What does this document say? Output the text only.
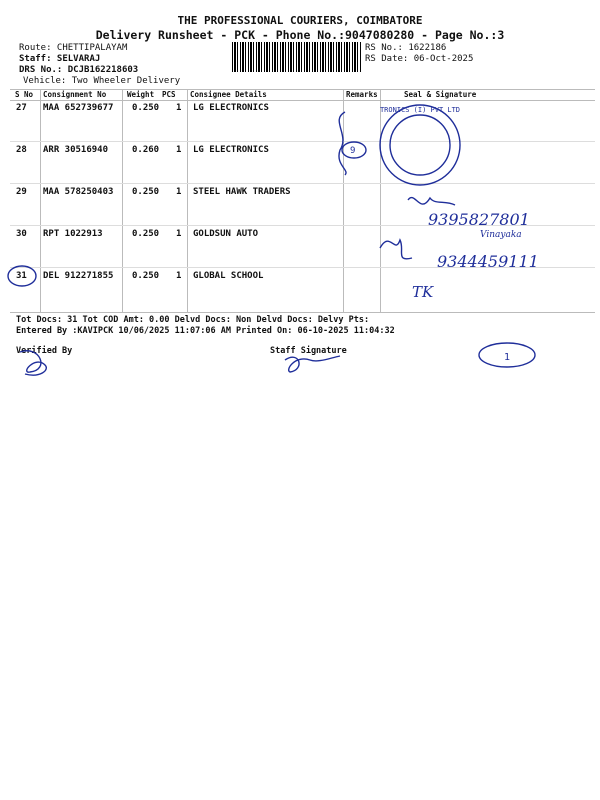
THE PROFESSIONAL COURIERS, COIMBATORE
Delivery Runsheet - PCK - Phone No.:9047080280 - Page No.:3
Route: CHETTIPALAYAM
Staff: SELVARAJ
DRS No.: DCJB162218603
Vehicle: Two Wheeler Delivery
RS No.: 1622186
RS Date: 06-Oct-2025
S No Consignment No	Weight PCS Consignee Details	Remarks	Seal & Signature
27 MAA 652739677 0.250 1 LG ELECTRONICS
28 ARR 30516940	0.260 1 LG ELECTRONICS
29 MAA 578250403 0.250 1 STEEL HAWK TRADERS
30 RPT 1022913	0.250 1 GOLDSUN AUTO
31 DEL 912271855 0.250 1 GLOBAL SCHOOL
Tot Docs: 31 Tot COD Amt: 0.00 Delvd Docs: Non Delvd Docs: Delvy Pts:
Entered By :KAVIPCK 10/06/2025 11:07:06 AM Printed On: 06-10-2025 11:04:32
Verified By	Staff Signature
TRONICS (I) PVT LTD
9
1
9395827801
Vinayaka
9344459111
TK
